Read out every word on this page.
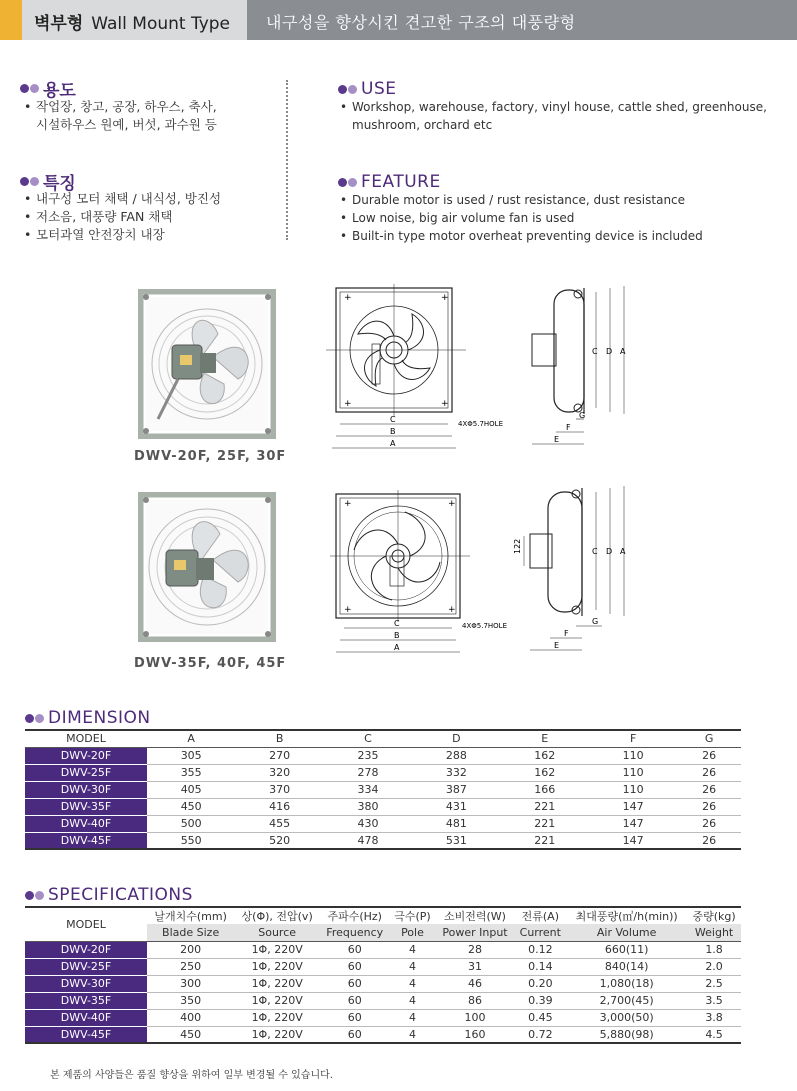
벽부형 Wall Mount Type 내구성을 향상시킨 견고한 구조의 대풍량형
용도
• 작업장, 창고, 공장, 하우스, 축사,
시설하우스 원예, 버섯, 과수원 등
특징
• 내구성 모터 채택 / 내식성, 방진성
• 저소음, 대풍량 FAN 채택
• 모터과열 안전장치 내장
USE
• Workshop, warehouse, factory, vinyl house, cattle shed, greenhouse,
mushroom, orchard etc
FEATURE
• Durable motor is used / rust resistance, dust resistance
• Low noise, big air volume fan is used
• Built-in type motor overheat preventing device is included
DWV-20F, 25F, 30F
+	+
+	+
C
B
A
4XΦ5.7HOLE
C D A
G
F
E
DWV-35F, 40F, 45F
+	+
+	+
C
B
A
4XΦ5.7HOLE
122	C D A
G
F
E
DIMENSION
MODEL	A	B	C	D	E	F	G
DWV-20F	305	270	235	288	162	110	26
DWV-25F	355	320	278	332	162	110	26
DWV-30F	405	370	334	387	166	110	26
DWV-35F	450	416	380	431	221	147	26
DWV-40F	500	455	430	481	221	147	26
DWV-45F	550	520	478	531	221	147	26
SPECIFICATIONS
MODEL	날개치수(mm)	상(Φ), 전압(v)	주파수(Hz)	극수(P)	소비전력(W)	전류(A)	최대풍량(㎥/h(min))	중량(kg)
	Blade Size	Source	Frequency	Pole	Power Input	Current	Air Volume	Weight
DWV-20F	200	1Φ, 220V	60	4	28	0.12	660(11)	1.8
DWV-25F	250	1Φ, 220V	60	4	31	0.14	840(14)	2.0
DWV-30F	300	1Φ, 220V	60	4	46	0.20	1,080(18)	2.5
DWV-35F	350	1Φ, 220V	60	4	86	0.39	2,700(45)	3.5
DWV-40F	400	1Φ, 220V	60	4	100	0.45	3,000(50)	3.8
DWV-45F	450	1Φ, 220V	60	4	160	0.72	5,880(98)	4.5
본 제품의 사양들은 품질 향상을 위하여 일부 변경될 수 있습니다.
